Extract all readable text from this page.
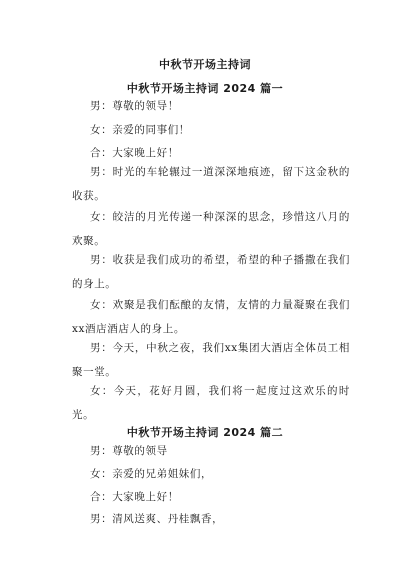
中秋节开场主持词
中秋节开场主持词 2024 篇一
男：尊敬的领导！
女：亲爱的同事们！
合：大家晚上好！
男：时光的车轮辗过一道深深地痕迹，留下这金秋的收获。
女：皎洁的月光传递一种深深的思念，珍惜这八月的欢聚。
男：收获是我们成功的希望，希望的种子播撒在我们的身上。
女：欢聚是我们酝酿的友情，友情的力量凝聚在我们xx酒店酒店人的身上。
男：今天，中秋之夜，我们xx集团大酒店全体员工相聚一堂。
女：今天，花好月圆，我们将一起度过这欢乐的时光。
中秋节开场主持词 2024 篇二
男：尊敬的领导
女：亲爱的兄弟姐妹们，
合：大家晚上好！
男：清风送爽、丹桂飘香，
